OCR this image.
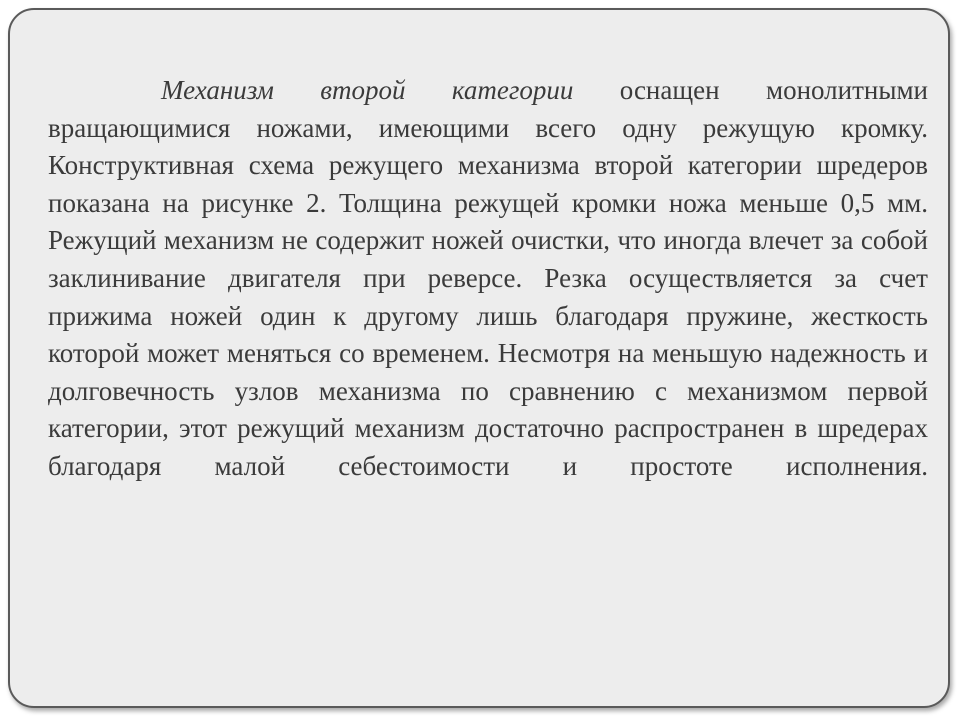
Механизм второй категории оснащен монолитными вращающимися ножами, имеющими всего одну режущую кромку. Конструктивная схема режущего механизма второй категории шредеров показана на рисунке 2. Толщина режущей кромки ножа меньше 0,5 мм. Режущий механизм не содержит ножей очистки, что иногда влечет за собой заклинивание двигателя при реверсе. Резка осуществляется за счет прижима ножей один к другому лишь благодаря пружине, жесткость которой может меняться со временем. Несмотря на меньшую надежность и долговечность узлов механизма по сравнению с механизмом первой категории, этот режущий механизм достаточно распространен в шредерах благодаря малой себестоимости и простоте исполнения.
